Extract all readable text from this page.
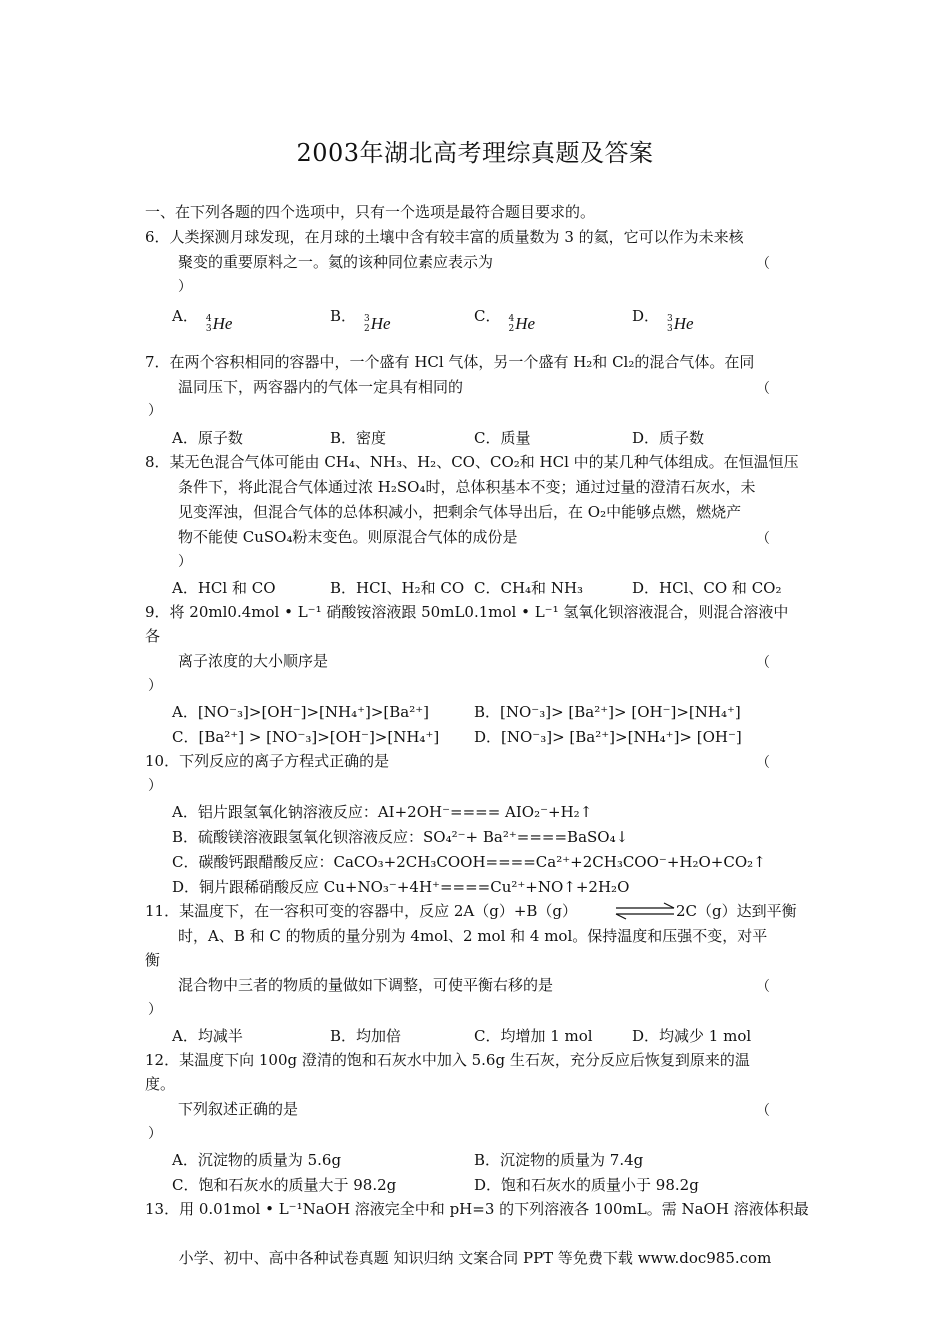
2003年湖北高考理综真题及答案
一、在下列各题的四个选项中，只有一个选项是最符合题目要求的。
6．人类探测月球发现，在月球的土壤中含有较丰富的质量数为 3 的氦，它可以作为未来核
聚变的重要原料之一。氦的该种同位素应表示为	（
）
A． 4
3 He	B． 3
2 He	C． 4
2 He	D． 3
3 He
7．在两个容积相同的容器中，一个盛有 HCl 气体，另一个盛有 H₂和 Cl₂的混合气体。在同
温同压下，两容器内的气体一定具有相同的	（
）
A．原子数	B．密度	C．质量	D．质子数
8．某无色混合气体可能由 CH₄、NH₃、H₂、CO、CO₂和 HCl 中的某几种气体组成。在恒温恒压
条件下，将此混合气体通过浓 H₂SO₄时，总体积基本不变；通过过量的澄清石灰水，未
见变浑浊，但混合气体的总体积减小，把剩余气体导出后，在 O₂中能够点燃，燃烧产
物不能使 CuSO₄粉末变色。则原混合气体的成份是	（
）
A．HCl 和 CO	B．HCI、H₂和 CO C．CH₄和 NH₃	D．HCl、CO 和 CO₂
9．将 20ml0.4mol • L⁻¹ 硝酸铵溶液跟 50mL0.1mol • L⁻¹ 氢氧化钡溶液混合，则混合溶液中
各
离子浓度的大小顺序是	（
）
A．[NO⁻₃]>[OH⁻]>[NH₄⁺]>[Ba²⁺]	B．[NO⁻₃]> [Ba²⁺]> [OH⁻]>[NH₄⁺]
C．[Ba²⁺] > [NO⁻₃]>[OH⁻]>[NH₄⁺] D．[NO⁻₃]> [Ba²⁺]>[NH₄⁺]> [OH⁻]
10．下列反应的离子方程式正确的是	（
）
A．铝片跟氢氧化钠溶液反应：AI+2OH⁻==== AIO₂⁻+H₂↑
B．硫酸镁溶液跟氢氧化钡溶液反应：SO₄²⁻+ Ba²⁺====BaSO₄↓
C．碳酸钙跟醋酸反应：CaCO₃+2CH₃COOH====Ca²⁺+2CH₃COO⁻+H₂O+CO₂↑
D．铜片跟稀硝酸反应 Cu+NO₃⁻+4H⁺====Cu²⁺+NO↑+2H₂O
11．某温度下，在一容积可变的容器中，反应 2A（g）+B（g）	2C（g）达到平衡
时，A、B 和 C 的物质的量分别为 4mol、2 mol 和 4 mol。保持温度和压强不变，对平
衡
混合物中三者的物质的量做如下调整，可使平衡右移的是	（
）
A．均减半	B．均加倍	C．均增加 1 mol	D．均减少 1 mol
12．某温度下向 100g 澄清的饱和石灰水中加入 5.6g 生石灰，充分反应后恢复到原来的温
度。
下列叙述正确的是	（
）
A．沉淀物的质量为 5.6g	B．沉淀物的质量为 7.4g
C．饱和石灰水的质量大于 98.2g	D．饱和石灰水的质量小于 98.2g
13．用 0.01mol • L⁻¹NaOH 溶液完全中和 pH=3 的下列溶液各 100mL。需 NaOH 溶液体积最
小学、初中、高中各种试卷真题 知识归纳 文案合同 PPT 等免费下载 www.doc985.com
